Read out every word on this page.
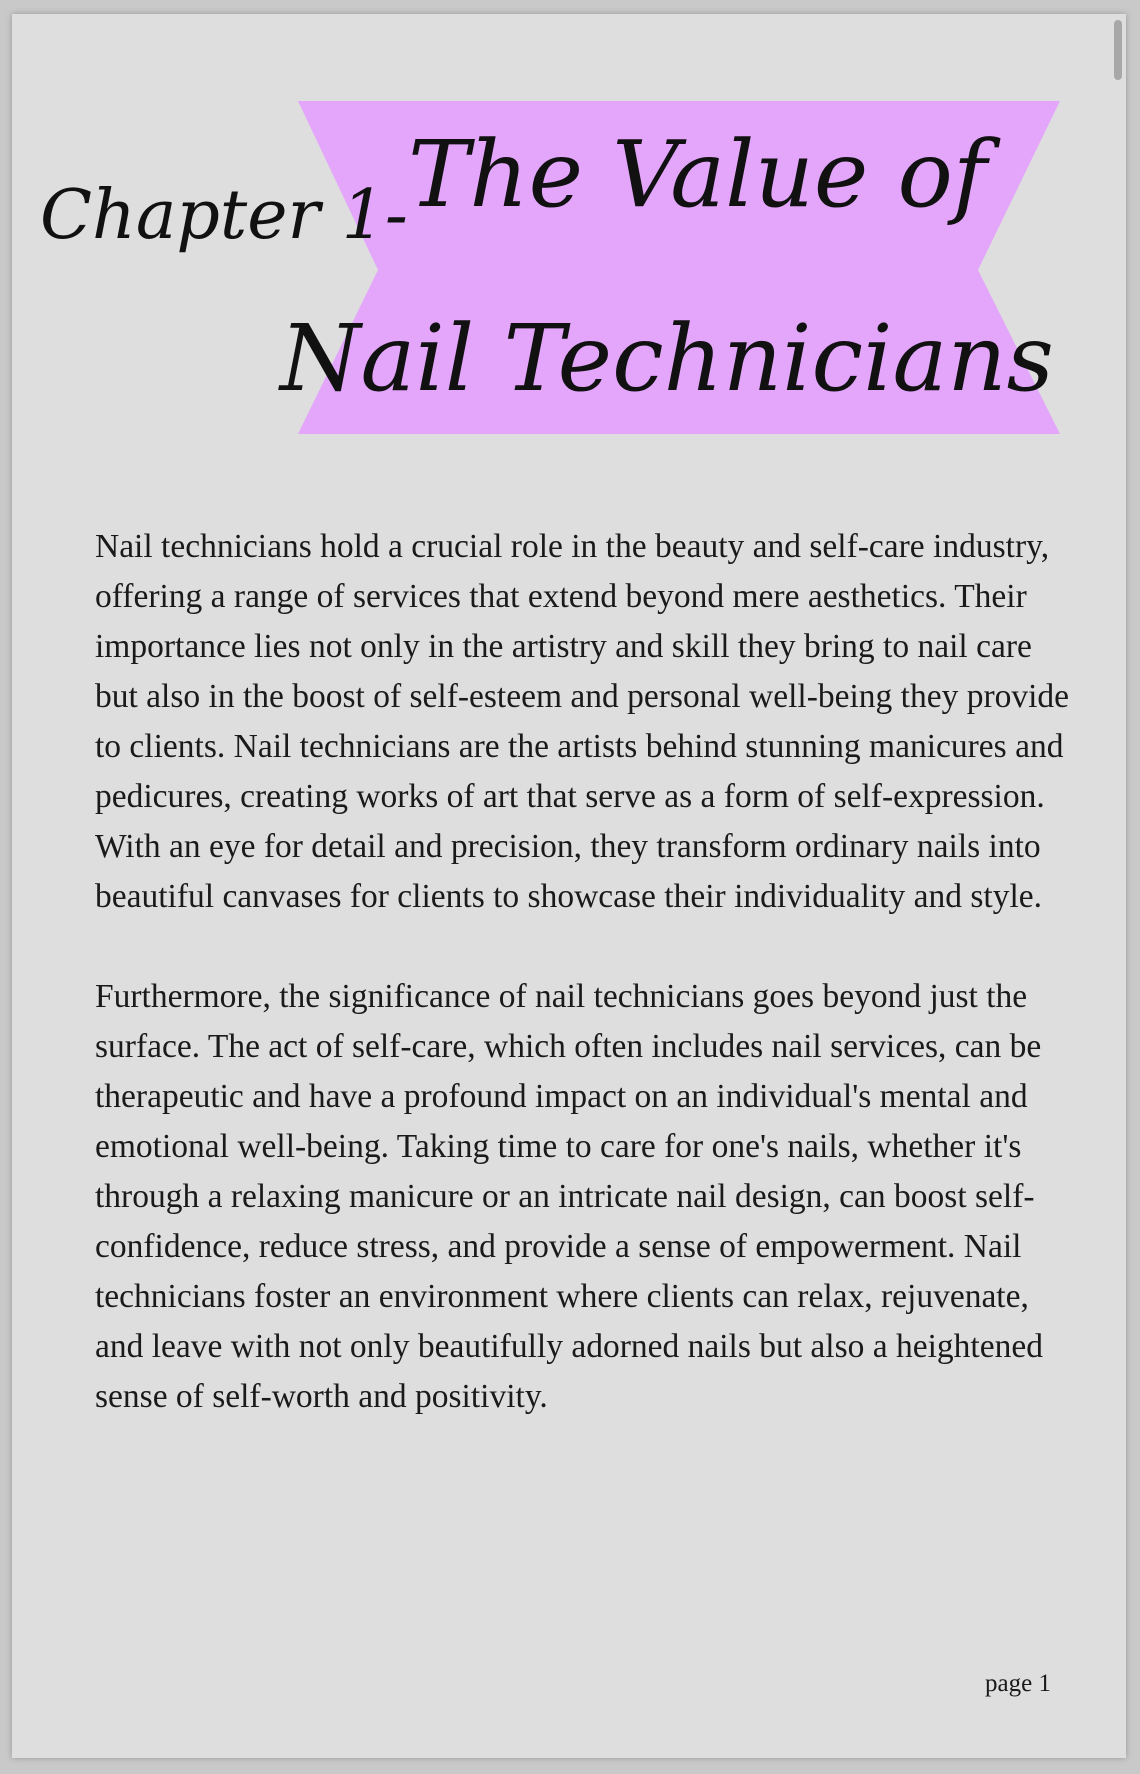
Chapter 1- The Value of
Nail Technicians

Nail technicians hold a crucial role in the beauty and self-care industry, offering a range of services that extend beyond mere aesthetics. Their importance lies not only in the artistry and skill they bring to nail care but also in the boost of self-esteem and personal well-being they provide to clients. Nail technicians are the artists behind stunning manicures and pedicures, creating works of art that serve as a form of self-expression. With an eye for detail and precision, they transform ordinary nails into beautiful canvases for clients to showcase their individuality and style.

Furthermore, the significance of nail technicians goes beyond just the surface. The act of self-care, which often includes nail services, can be therapeutic and have a profound impact on an individual's mental and emotional well-being. Taking time to care for one's nails, whether it's through a relaxing manicure or an intricate nail design, can boost self-confidence, reduce stress, and provide a sense of empowerment. Nail technicians foster an environment where clients can relax, rejuvenate, and leave with not only beautifully adorned nails but also a heightened sense of self-worth and positivity.

page 1
